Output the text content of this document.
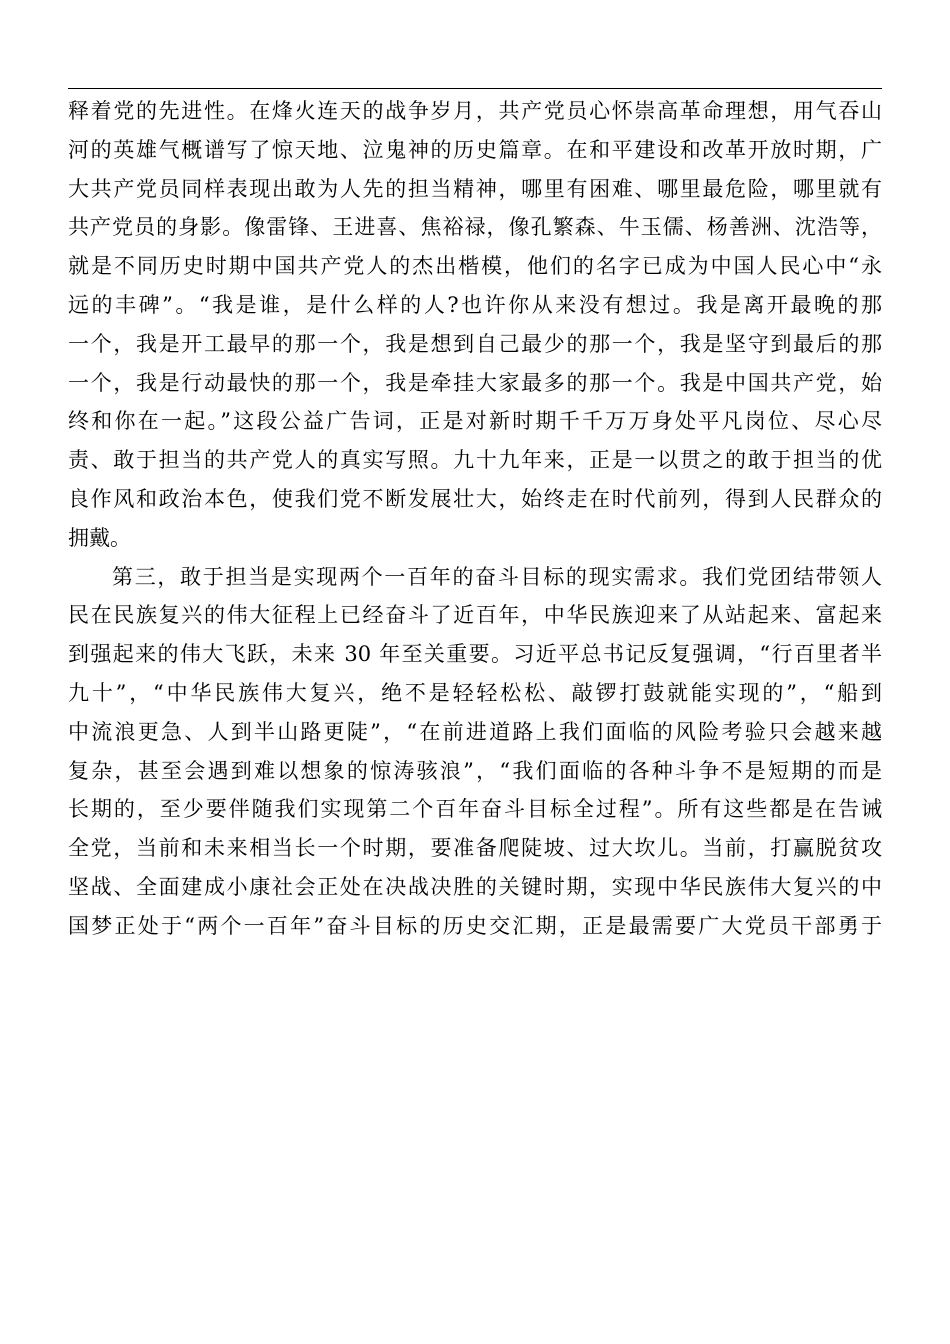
释着党的先进性。在烽火连天的战争岁月，共产党员心怀崇高革命理想，用气吞山
河的英雄气概谱写了惊天地、泣鬼神的历史篇章。在和平建设和改革开放时期，广
大共产党员同样表现出敢为人先的担当精神，哪里有困难、哪里最危险，哪里就有
共产党员的身影。像雷锋、王进喜、焦裕禄，像孔繁森、牛玉儒、杨善洲、沈浩等，
就是不同历史时期中国共产党人的杰出楷模，他们的名字已成为中国人民心中“永
远的丰碑”。“我是谁，是什么样的人?也许你从来没有想过。我是离开最晚的那
一个，我是开工最早的那一个，我是想到自己最少的那一个，我是坚守到最后的那
一个，我是行动最快的那一个，我是牵挂大家最多的那一个。我是中国共产党，始
终和你在一起。”这段公益广告词，正是对新时期千千万万身处平凡岗位、尽心尽
责、敢于担当的共产党人的真实写照。九十九年来，正是一以贯之的敢于担当的优
良作风和政治本色，使我们党不断发展壮大，始终走在时代前列，得到人民群众的
拥戴。
第三，敢于担当是实现两个一百年的奋斗目标的现实需求。我们党团结带领人
民在民族复兴的伟大征程上已经奋斗了近百年，中华民族迎来了从站起来、富起来
到强起来的伟大飞跃，未来 30 年至关重要。习近平总书记反复强调，“行百里者半
九十”，“中华民族伟大复兴，绝不是轻轻松松、敲锣打鼓就能实现的”，“船到
中流浪更急、人到半山路更陡”，“在前进道路上我们面临的风险考验只会越来越
复杂，甚至会遇到难以想象的惊涛骇浪”，“我们面临的各种斗争不是短期的而是
长期的，至少要伴随我们实现第二个百年奋斗目标全过程”。所有这些都是在告诫
全党，当前和未来相当长一个时期，要准备爬陡坡、过大坎儿。当前，打赢脱贫攻
坚战、全面建成小康社会正处在决战决胜的关键时期，实现中华民族伟大复兴的中
国梦正处于“两个一百年”奋斗目标的历史交汇期，正是最需要广大党员干部勇于
